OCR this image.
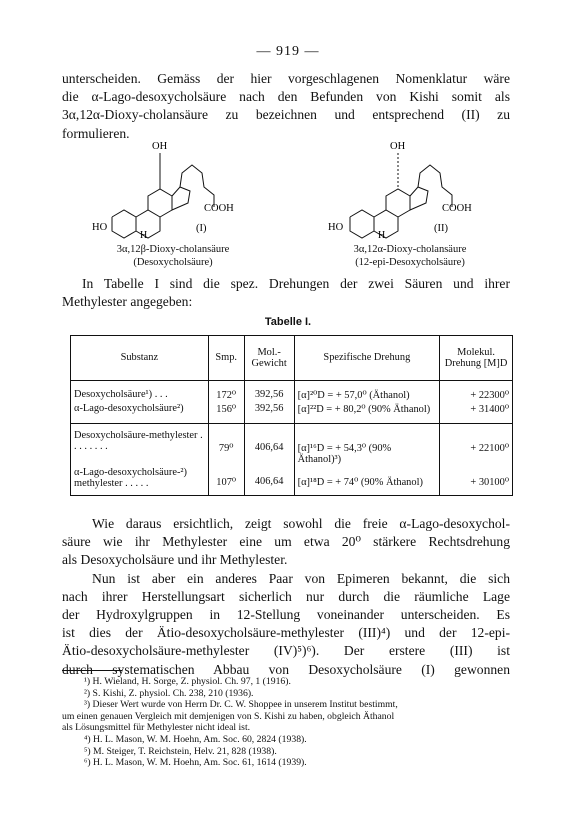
— 919 —
unterscheiden. Gemäss der hier vorgeschlagenen Nomenklatur wäre
die α-Lago-desoxycholsäure nach den Befunden von Kishi somit als
3α,12α-Dioxy-cholansäure zu bezeichnen und entsprechend (II) zu
formulieren.
OH
COOH
HO
H
(I)
3α,12β-Dioxy-cholansäure
(Desoxycholsäure)
OH
COOH
HO
H
(II)
3α,12α-Dioxy-cholansäure
(12-epi-Desoxycholsäure)
In Tabelle I sind die spez. Drehungen der zwei Säuren und ihrer
Methylester angegeben:
Tabelle I.
Substanz	Smp.	Mol.-Gewicht	Spezifische Drehung	Molekul. Drehung [M]D
Desoxycholsäure¹) . . .	172⁰	392,56	[α]²⁰D = + 57,0⁰ (Äthanol)	+ 22300⁰
α-Lago-desoxycholsäure²)	156⁰	392,56	[α]²²D = + 80,2⁰ (90% Äthanol)	+ 31400⁰
Desoxycholsäure-methylester . . . . . . . .	79⁰	406,64	[α]¹⁶D = + 54,3⁰ (90% Äthanol)³)	+ 22100⁰
α-Lago-desoxycholsäure-²) methylester . . . . .	107⁰	406,64	[α]¹⁸D = + 74⁰ (90% Äthanol)	+ 30100⁰
Wie daraus ersichtlich, zeigt sowohl die freie α-Lago-desoxychol-
säure wie ihr Methylester eine um etwa 20⁰ stärkere Rechtsdrehung
als Desoxycholsäure und ihr Methylester.
Nun ist aber ein anderes Paar von Epimeren bekannt, die sich
nach ihrer Herstellungsart sicherlich nur durch die räumliche Lage
der Hydroxylgruppen in 12-Stellung voneinander unterscheiden. Es
ist dies der Ätio-desoxycholsäure-methylester (III)⁴) und der 12-epi-
Ätio-desoxycholsäure-methylester (IV)⁵)⁶). Der erstere (III) ist
durch systematischen Abbau von Desoxycholsäure (I) gewonnen
¹) H. Wieland, H. Sorge, Z. physiol. Ch. 97, 1 (1916).
²) S. Kishi, Z. physiol. Ch. 238, 210 (1936).
³) Dieser Wert wurde von Herrn Dr. C. W. Shoppee in unserem Institut bestimmt,
um einen genauen Vergleich mit demjenigen von S. Kishi zu haben, obgleich Äthanol
als Lösungsmittel für Methylester nicht ideal ist.
⁴) H. L. Mason, W. M. Hoehn, Am. Soc. 60, 2824 (1938).
⁵) M. Steiger, T. Reichstein, Helv. 21, 828 (1938).
⁶) H. L. Mason, W. M. Hoehn, Am. Soc. 61, 1614 (1939).
